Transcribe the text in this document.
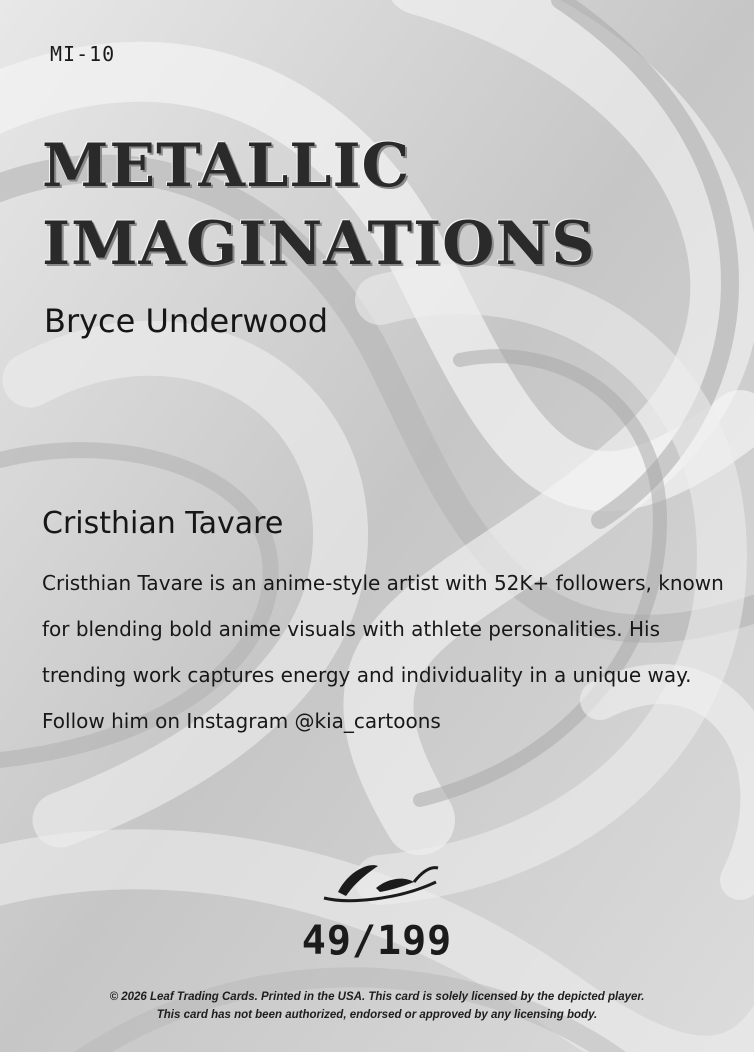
MI-10
METALLIC
IMAGINATIONS
Bryce Underwood
Cristhian Tavare
Cristhian Tavare is an anime-style artist with 52K+ followers, known for blending bold anime visuals with athlete personalities. His trending work captures energy and individuality in a unique way. Follow him on Instagram @kia_cartoons
49/199
© 2026 Leaf Trading Cards. Printed in the USA. This card is solely licensed by the depicted player.
This card has not been authorized, endorsed or approved by any licensing body.
